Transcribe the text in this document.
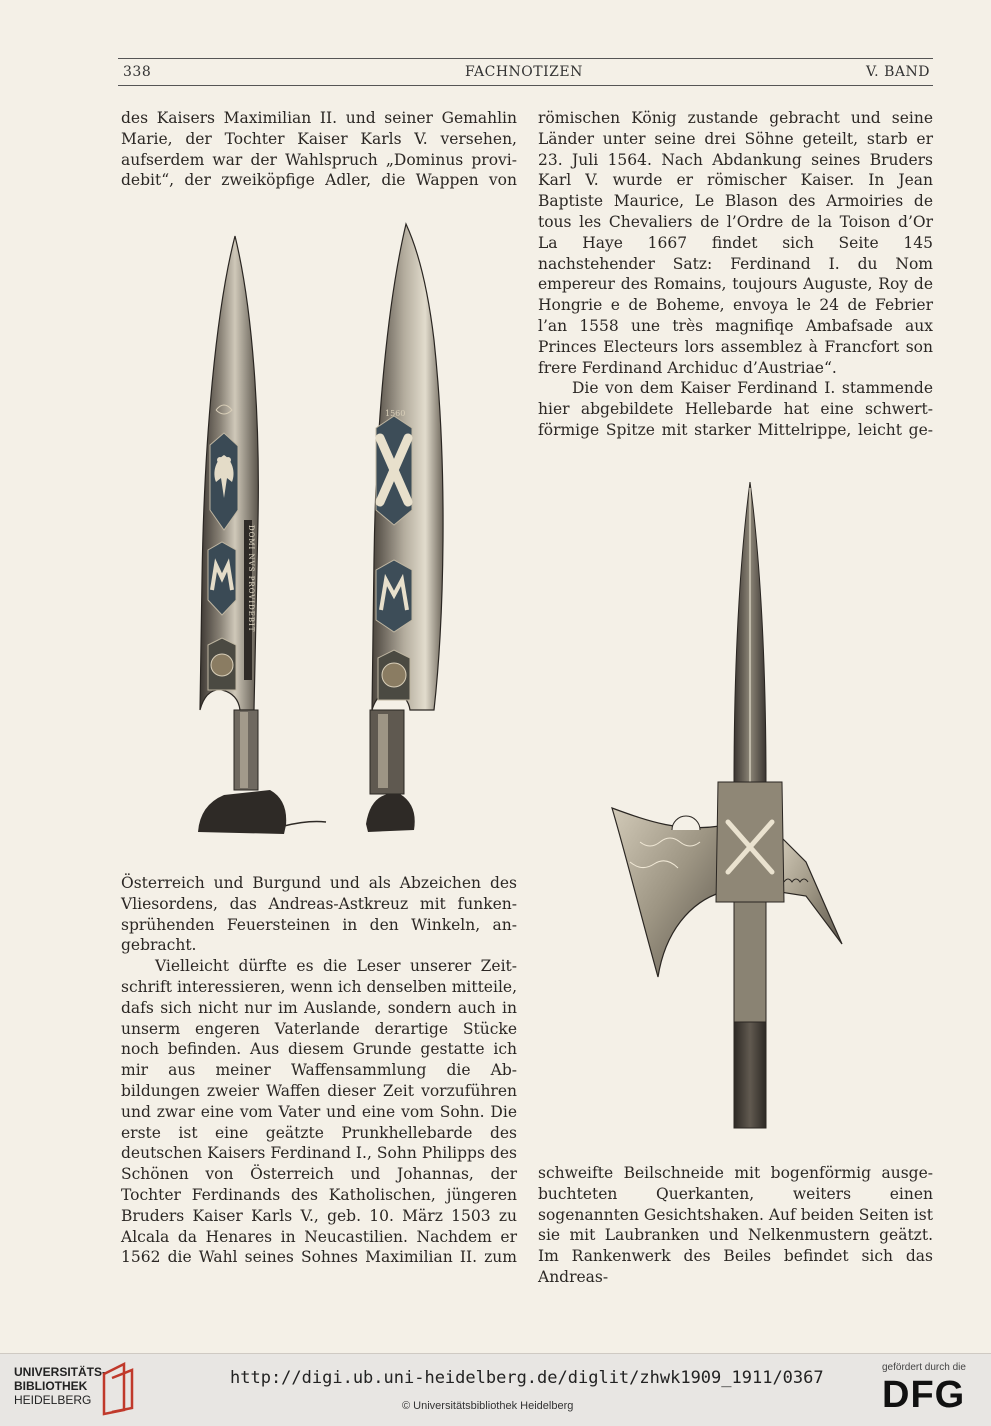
338	FACHNOTIZEN	V. BAND

des Kaisers Maximilian II. und seiner Gemahlin Marie, der Tochter Kaiser Karls V. versehen, aufserdem war der Wahlspruch „Dominus provi-debit“, der zweiköpfige Adler, die Wappen von

römischen König zustande gebracht und seine Länder unter seine drei Söhne geteilt, starb er 23. Juli 1564. Nach Abdankung seines Bruders Karl V. wurde er römischer Kaiser. In Jean Baptiste Maurice, Le Blason des Armoiries de tous les Chevaliers de l’Ordre de la Toison d’Or La Haye 1667 findet sich Seite 145 nachstehender Satz: Ferdinand I. du Nom empereur des Romains, toujours Auguste, Roy de Hongrie e de Boheme, envoya le 24 de Febrier l’an 1558 une très magnifiqe Ambafsade aux Princes Electeurs lors assemblez à Francfort son frere Ferdinand Archiduc d’Austriae“.

Die von dem Kaiser Ferdinand I. stammende hier abgebildete Hellebarde hat eine schwert-förmige Spitze mit starker Mittelrippe, leicht ge-

DOMI NVS PROVIDEBIT
1560

Österreich und Burgund und als Abzeichen des Vliesordens, das Andreas-Astkreuz mit funken-sprühenden Feuersteinen in den Winkeln, an-gebracht.

Vielleicht dürfte es die Leser unserer Zeit-schrift interessieren, wenn ich denselben mitteile, dafs sich nicht nur im Auslande, sondern auch in unserm engeren Vaterlande derartige Stücke noch befinden. Aus diesem Grunde gestatte ich mir aus meiner Waffensammlung die Ab-bildungen zweier Waffen dieser Zeit vorzuführen und zwar eine vom Vater und eine vom Sohn. Die erste ist eine geätzte Prunkhellebarde des deutschen Kaisers Ferdinand I., Sohn Philipps des Schönen von Österreich und Johannas, der Tochter Ferdinands des Katholischen, jüngeren Bruders Kaiser Karls V., geb. 10. März 1503 zu Alcala da Henares in Neucastilien. Nachdem er 1562 die Wahl seines Sohnes Maximilian II. zum

schweifte Beilschneide mit bogenförmig ausge-buchteten Querkanten, weiters einen sogenannten Gesichtshaken. Auf beiden Seiten ist sie mit Laubranken und Nelkenmustern geätzt. Im Rankenwerk des Beiles befindet sich das Andreas-

UNIVERSITÄTS-
BIBLIOTHEK
HEIDELBERG
http://digi.ub.uni-heidelberg.de/diglit/zhwk1909_1911/0367
© Universitätsbibliothek Heidelberg
gefördert durch die
DFG
